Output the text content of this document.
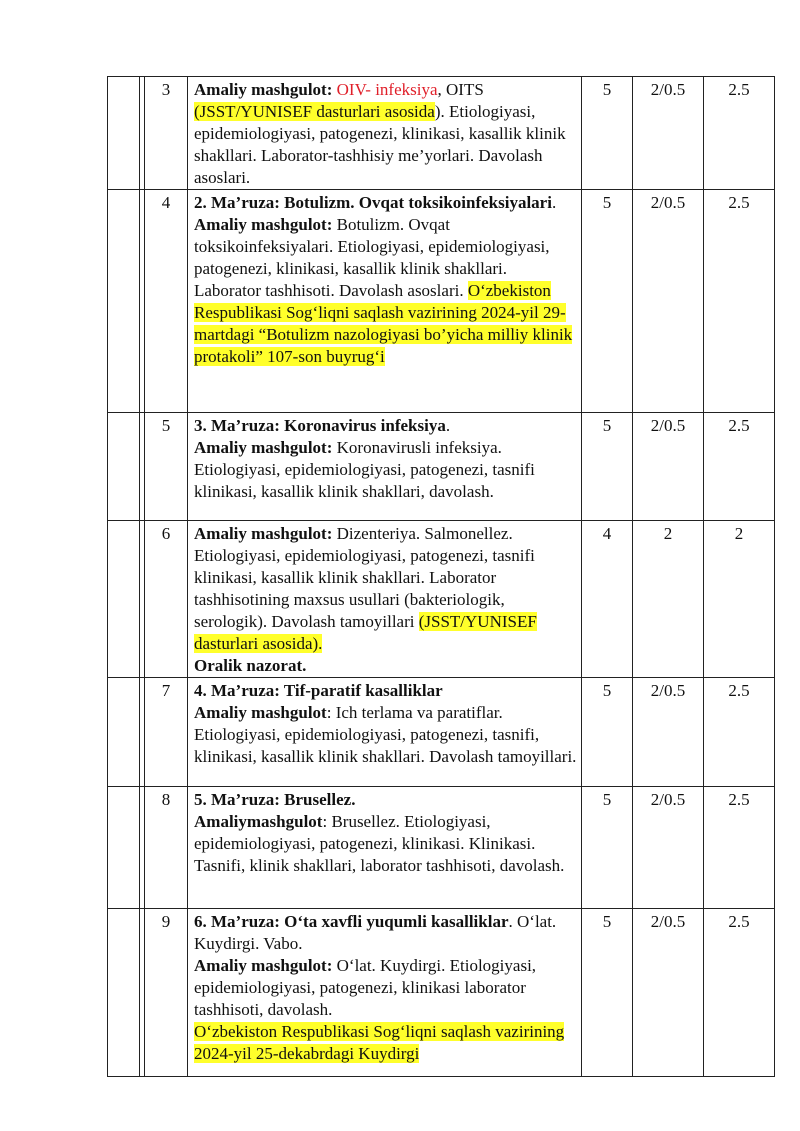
	3	Amaliy mashgulot: OIV- infeksiya, OITS (JSST/YUNISEF dasturlari asosida). Etiologiyasi, epidemiologiyasi, patogenezi, klinikasi, kasallik klinik shakllari. Laborator-tashhisiy me’yorlari. Davolash asoslari.	5	2/0.5	2.5
	4	2. Ma’ruza: Botulizm. Ovqat toksikoinfeksiyalari.
Amaliy mashgulot: Botulizm. Ovqat toksikoinfeksiyalari. Etiologiyasi, epidemiologiyasi, patogenezi, klinikasi, kasallik klinik shakllari. Laborator tashhisoti. Davolash asoslari. O‘zbekiston Respublikasi Sog‘liqni saqlash vazirining 2024-yil 29-martdagi “Botulizm nazologiyasi bo’yicha milliy klinik protakoli” 107-son buyrug‘i	5	2/0.5	2.5
	5	3. Ma’ruza: Koronavirus infeksiya.
Amaliy mashgulot: Koronavirusli infeksiya. Etiologiyasi, epidemiologiyasi, patogenezi, tasnifi klinikasi, kasallik klinik shakllari, davolash.	5	2/0.5	2.5
	6	Amaliy mashgulot: Dizenteriya. Salmonellez. Etiologiyasi, epidemiologiyasi, patogenezi, tasnifi klinikasi, kasallik klinik shakllari. Laborator tashhisotining maxsus usullari (bakteriologik, serologik). Davolash tamoyillari (JSST/YUNISEF dasturlari asosida).
Oralik nazorat.	4	2	2
	7	4. Ma’ruza: Tif-paratif kasalliklar
Amaliy mashgulot: Ich terlama va paratiflar. Etiologiyasi, epidemiologiyasi, patogenezi, tasnifi, klinikasi, kasallik klinik shakllari. Davolash tamoyillari.	5	2/0.5	2.5
	8	5. Ma’ruza: Brusellez.
Amaliymashgulot: Brusellez. Etiologiyasi, epidemiologiyasi, patogenezi, klinikasi. Klinikasi. Tasnifi, klinik shakllari, laborator tashhisoti, davolash.	5	2/0.5	2.5
	9	6. Ma’ruza: O‘ta xavfli yuqumli kasalliklar. O‘lat. Kuydirgi. Vabo.
Amaliy mashgulot: O‘lat. Kuydirgi. Etiologiyasi, epidemiologiyasi, patogenezi, klinikasi laborator tashhisoti, davolash.
O‘zbekiston Respublikasi Sog‘liqni saqlash vazirining 2024-yil 25-dekabrdagi Kuydirgi	5	2/0.5	2.5
